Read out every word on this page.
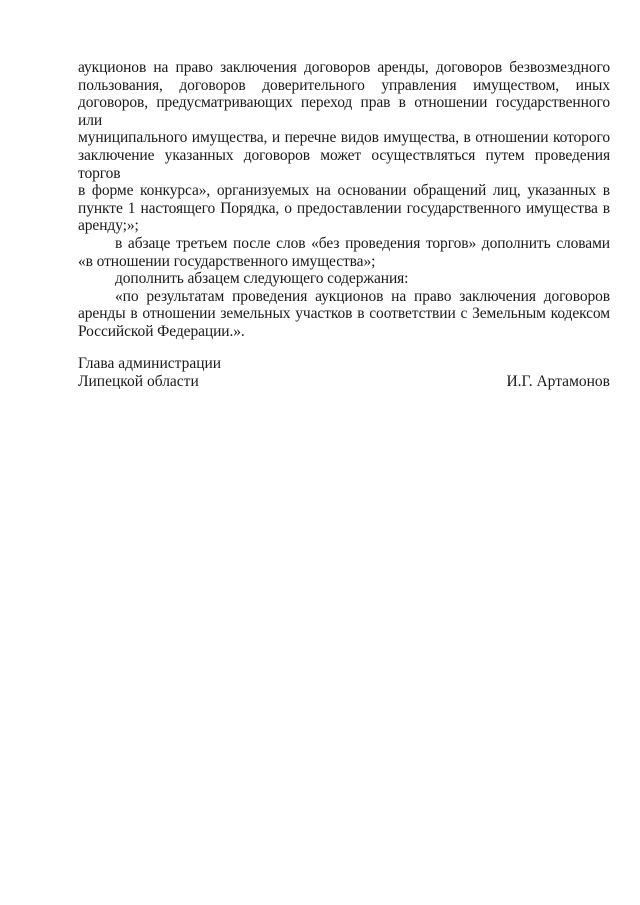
аукционов на право заключения договоров аренды, договоров безвозмездного
пользования, договоров доверительного управления имуществом, иных
договоров, предусматривающих переход прав в отношении государственного или
муниципального имущества, и перечне видов имущества, в отношении которого
заключение указанных договоров может осуществляться путем проведения торгов
в форме конкурса», организуемых на основании обращений лиц, указанных в
пункте 1 настоящего Порядка, о предоставлении государственного имущества в
аренду;»;
в абзаце третьем после слов «без проведения торгов» дополнить словами
«в отношении государственного имущества»;
дополнить абзацем следующего содержания:
«по результатам проведения аукционов на право заключения договоров
аренды в отношении земельных участков в соответствии с Земельным кодексом
Российской Федерации.».
Глава администрации
Липецкой области	И.Г. Артамонов
